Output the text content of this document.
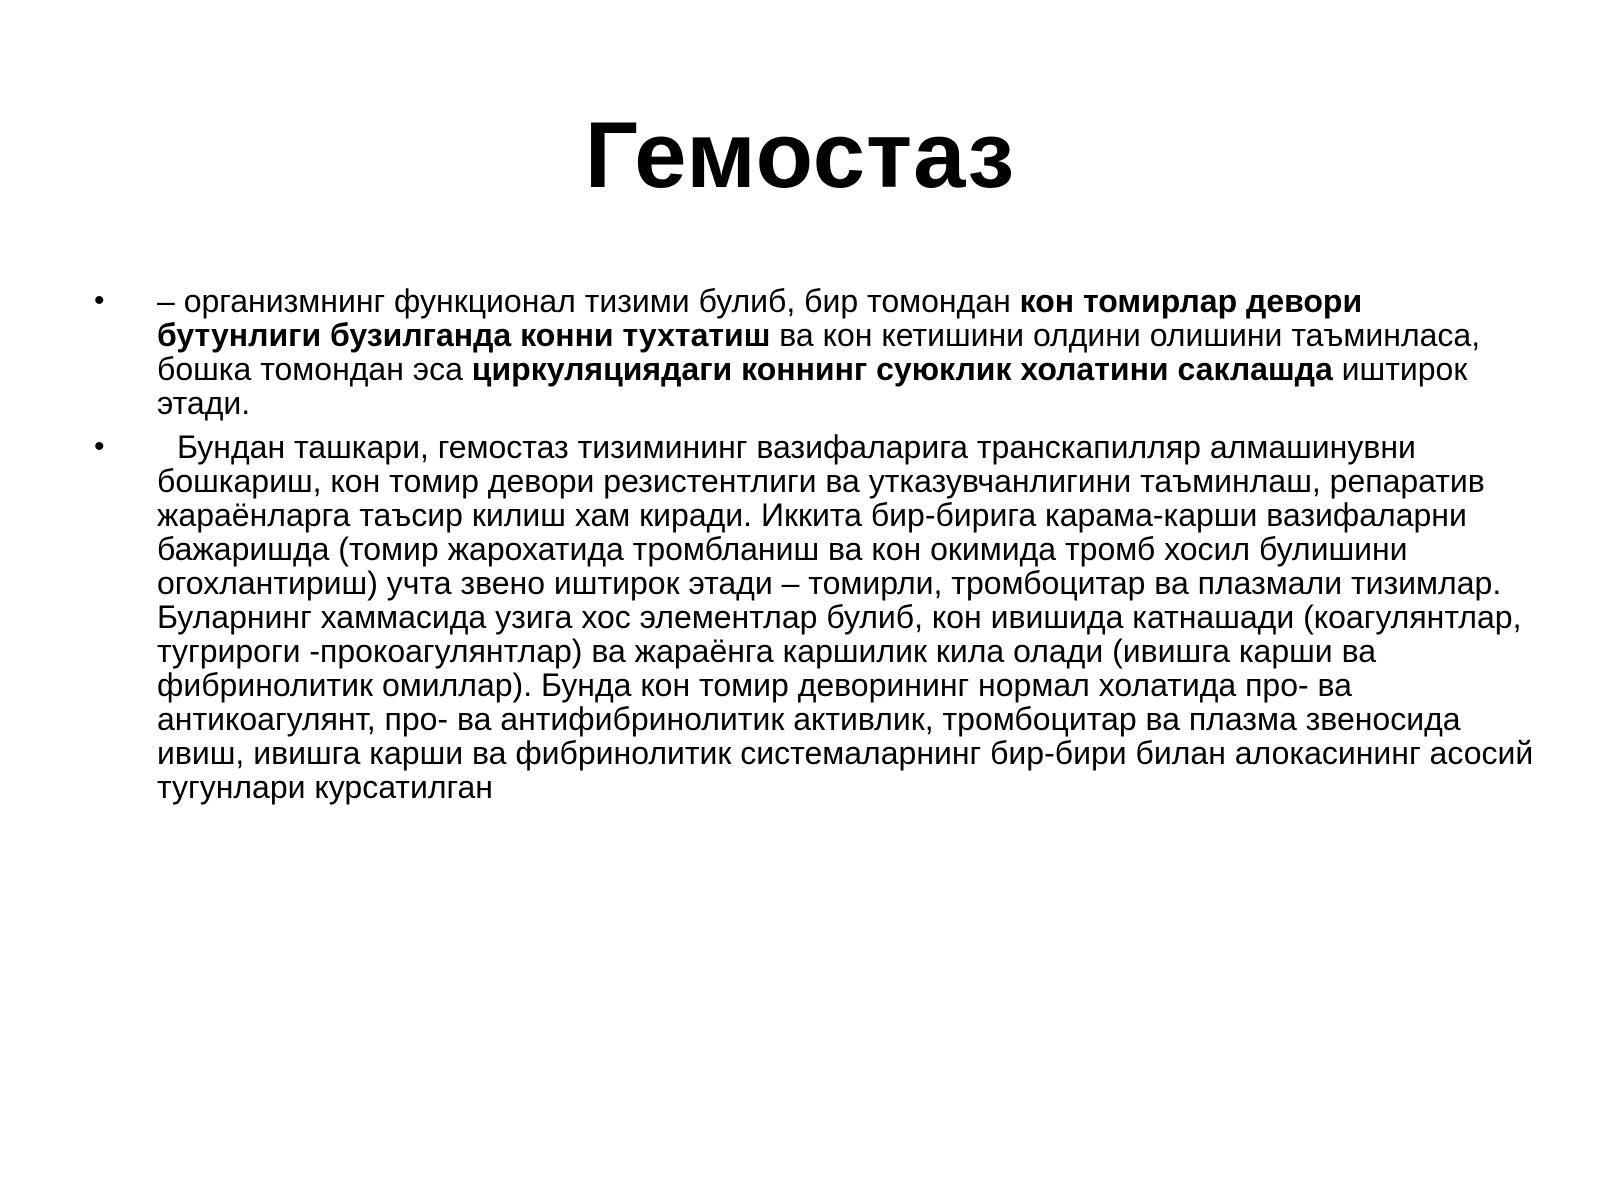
Гемостаз
• – организмнинг функционал тизими булиб, бир томондан кон томирлар девори бутунлиги бузилганда конни тухтатиш ва кон кетишини олдини олишини таъминласа, бошка томондан эса циркуляциядаги коннинг суюклик холатини саклашда иштирок этади.
•	Бундан ташкари, гемостаз тизимининг вазифаларига транскапилляр алмашинувни бошкариш, кон томир девори резистентлиги ва утказувчанлигини таъминлаш, репаратив жараёнларга таъсир килиш хам киради. Иккита бир-бирига карама-карши вазифаларни бажаришда (томир жарохатида тромбланиш ва кон окимида тромб хосил булишини огохлантириш) учта звено иштирок этади – томирли, тромбоцитар ва плазмали тизимлар. Буларнинг хаммасида узига хос элементлар булиб, кон ивишида катнашади (коагулянтлар, тугрироги -прокоагулянтлар) ва жараёнга каршилик кила олади (ивишга карши ва фибринолитик омиллар). Бунда кон томир деворининг нормал холатида про- ва антикоагулянт, про- ва антифибринолитик активлик, тромбоцитар ва плазма звеносида ивиш, ивишга карши ва фибринолитик системаларнинг бир-бири билан алокасининг асосий тугунлари курсатилган
